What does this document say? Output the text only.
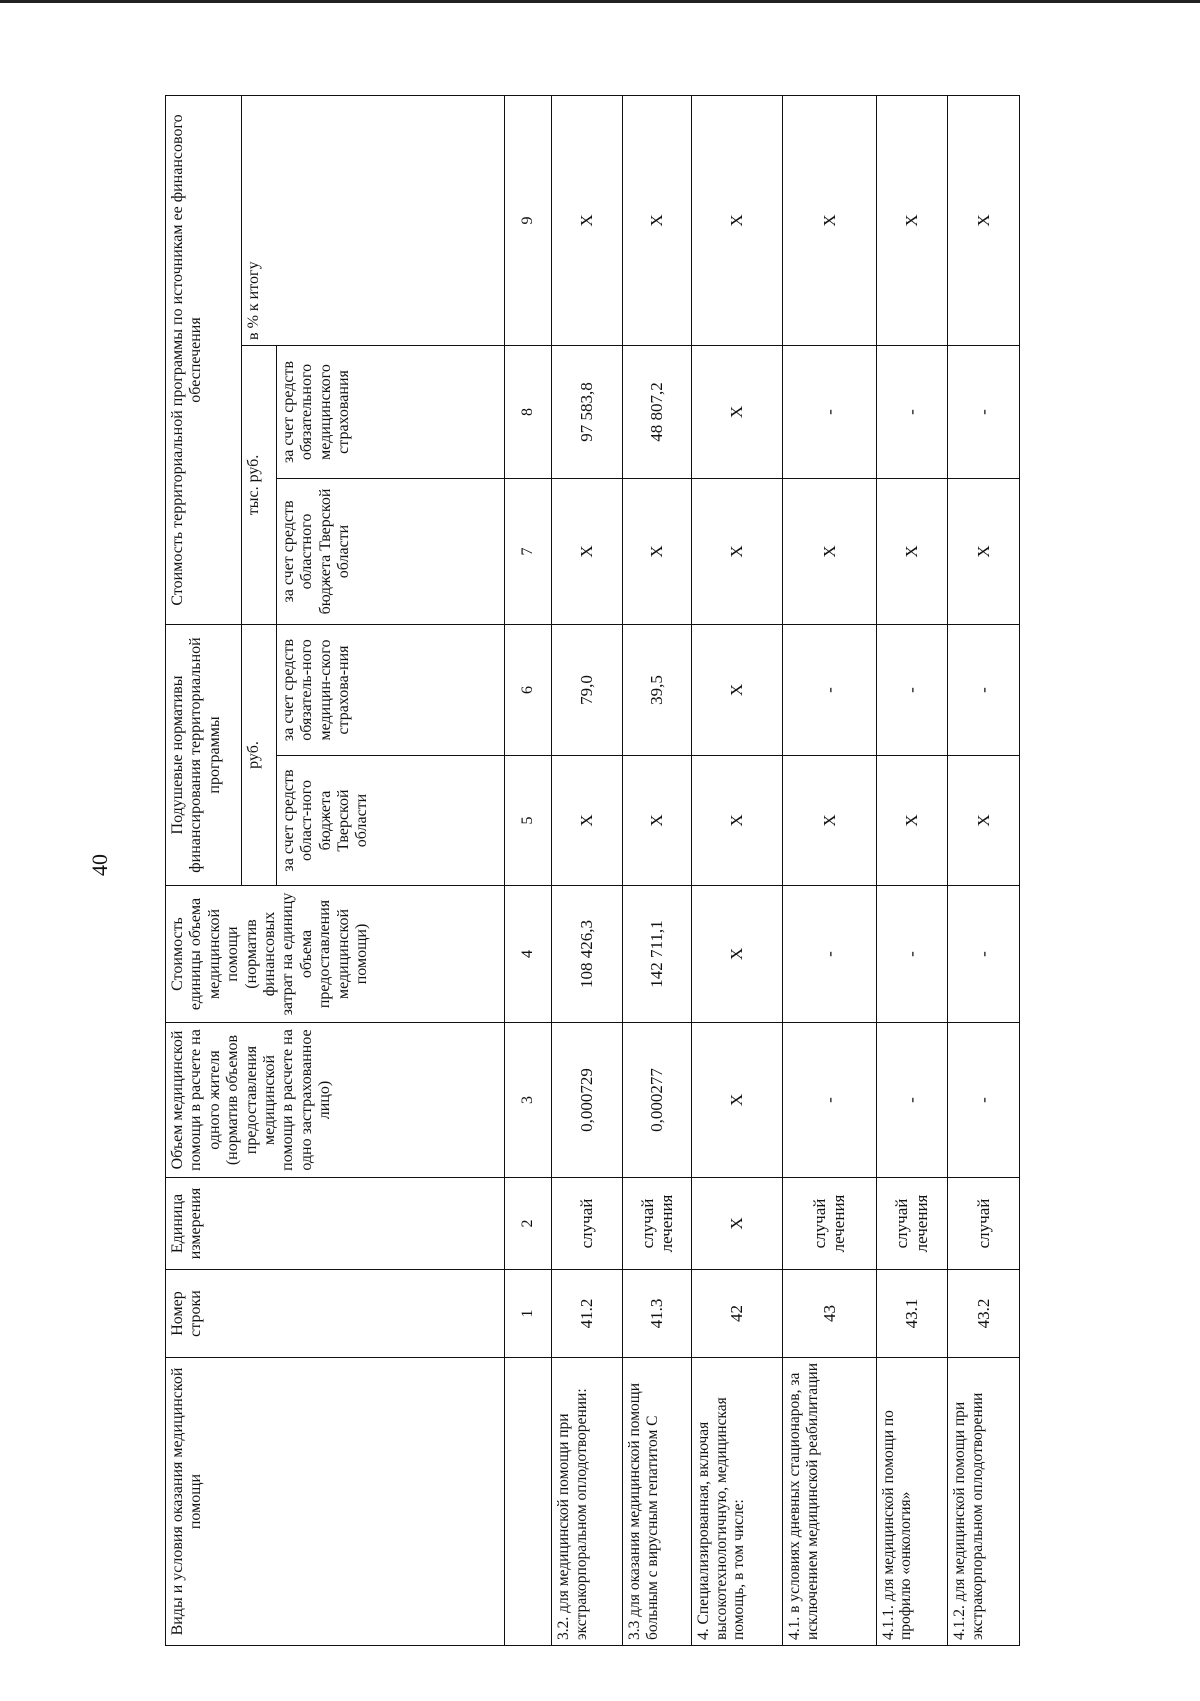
40
Виды и условия оказания медицинской помощи	Номер строки	Единица измерения	Объем медицинской помощи в расчете на одного жителя (норматив объемов предоставления медицинской помощи в расчете на одно застрахованное лицо)	Стоимость единицы объема медицинской помощи (норматив финансовых затрат на единицу объема предоставления медицинской помощи)	Подушевые нормативы финансирования территориальной программы		Стоимость территориальной программы по источникам ее финансового обеспечения		
					руб.		тыс. руб.		в % к итогу
					за счет средств област-ного бюджета Тверской области	за счет средств обязатель-ного медицин-ского страхова-ния	за счет средств областного бюджета Тверской области	за счет средств обязательного медицинского страхования	
	1	2	3	4	5	6	7	8	9
3.2. для медицинской помощи при экстракорпоральном оплодотворении:	41.2	случай	0,000729	108 426,3	X	79,0	X	97 583,8	X
3.3 для оказания медицинской помощи больным с вирусным гепатитом С	41.3	случай лечения	0,000277	142 711,1	X	39,5	X	48 807,2	X
4. Специализированная, включая высокотехнологичную, медицинская помощь, в том числе:	42	X	X	X	X	X	X	X	X
4.1. в условиях дневных стационаров, за исключением медицинской реабилитации	43	случай лечения	-	-	X	-	X	-	X
4.1.1. для медицинской помощи по профилю «онкология»	43.1	случай лечения	-	-	X	-	X	-	X
4.1.2. для медицинской помощи при экстракорпоральном оплодотворении	43.2	случай	-	-	X	-	X	-	X
